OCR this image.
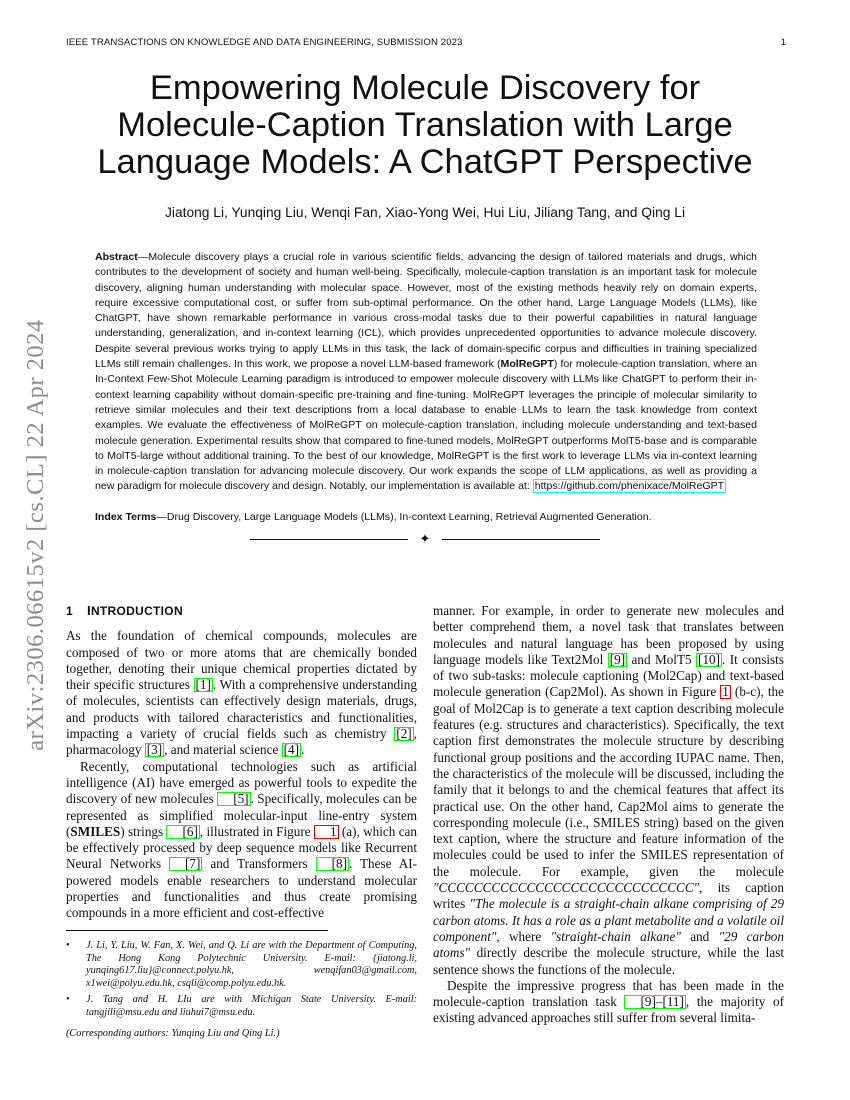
IEEE TRANSACTIONS ON KNOWLEDGE AND DATA ENGINEERING, SUBMISSION 2023	1
arXiv:2306.06615v2 [cs.CL] 22 Apr 2024
Empowering Molecule Discovery for
Molecule-Caption Translation with Large
Language Models: A ChatGPT Perspective
Jiatong Li, Yunqing Liu, Wenqi Fan, Xiao-Yong Wei, Hui Liu, Jiliang Tang, and Qing Li
Abstract—Molecule discovery plays a crucial role in various scientific fields, advancing the design of tailored materials and drugs, which contributes to the development of society and human well-being. Specifically, molecule-caption translation is an important task for molecule discovery, aligning human understanding with molecular space. However, most of the existing methods heavily rely on domain experts, require excessive computational cost, or suffer from sub-optimal performance. On the other hand, Large Language Models (LLMs), like ChatGPT, have shown remarkable performance in various cross-modal tasks due to their powerful capabilities in natural language understanding, generalization, and in-context learning (ICL), which provides unprecedented opportunities to advance molecule discovery. Despite several previous works trying to apply LLMs in this task, the lack of domain-specific corpus and difficulties in training specialized LLMs still remain challenges. In this work, we propose a novel LLM-based framework (MolReGPT) for molecule-caption translation, where an In-Context Few-Shot Molecule Learning paradigm is introduced to empower molecule discovery with LLMs like ChatGPT to perform their in-context learning capability without domain-specific pre-training and fine-tuning. MolReGPT leverages the principle of molecular similarity to retrieve similar molecules and their text descriptions from a local database to enable LLMs to learn the task knowledge from context examples. We evaluate the effectiveness of MolReGPT on molecule-caption translation, including molecule understanding and text-based molecule generation. Experimental results show that compared to fine-tuned models, MolReGPT outperforms MolT5-base and is comparable to MolT5-large without additional training. To the best of our knowledge, MolReGPT is the first work to leverage LLMs via in-context learning in molecule-caption translation for advancing molecule discovery. Our work expands the scope of LLM applications, as well as providing a new paradigm for molecule discovery and design. Notably, our implementation is available at: https://github.com/phenixace/MolReGPT
Index Terms—Drug Discovery, Large Language Models (LLMs), In-context Learning, Retrieval Augmented Generation.
✦
1 INTRODUCTION

As the foundation of chemical compounds, molecules are composed of two or more atoms that are chemically bonded together, denoting their unique chemical properties dictated by their specific structures [1] . With a comprehensive understanding of molecules, scientists can effectively design materials, drugs, and products with tailored characteristics and functionalities, impacting a variety of crucial fields such as chemistry [2] , pharmacology [3] , and material science [4] .

Recently, computational technologies such as artificial intelligence (AI) have emerged as powerful tools to expedite the discovery of new molecules [5] . Specifically, molecules can be represented as simplified molecular-input line-entry system (SMILES) strings [6] , illustrated in Figure 1 (a), which can be effectively processed by deep sequence models like Recurrent Neural Networks [7] and Transformers [8] . These AI-powered models enable researchers to understand molecular properties and functionalities and thus create promising compounds in a more efficient and cost-effective

• J. Li, Y. Liu, W. Fan, X. Wei, and Q. Li are with the Department of Computing, The Hong Kong Polytechnic University. E-mail: {jiatong.li, yunqing617.liu}@connect.polyu.hk, wenqifan03@gmail.com, x1wei@polyu.edu.hk, csqli@comp.polyu.edu.hk.
• J. Tang and H. LIu are with Michigan State University. E-mail: tangjili@msu.edu and liuhui7@msu.edu.
(Corresponding authors: Yunqing Liu and Qing Li.)

manner. For example, in order to generate new molecules and better comprehend them, a novel task that translates between molecules and natural language has been proposed by using language models like Text2Mol [9] and MolT5 [10] . It consists of two sub-tasks: molecule captioning (Mol2Cap) and text-based molecule generation (Cap2Mol). As shown in Figure 1 (b-c), the goal of Mol2Cap is to generate a text caption describing molecule features (e.g. structures and characteristics). Specifically, the text caption first demonstrates the molecule structure by describing functional group positions and the according IUPAC name. Then, the characteristics of the molecule will be discussed, including the family that it belongs to and the chemical features that affect its practical use. On the other hand, Cap2Mol aims to generate the corresponding molecule (i.e., SMILES string) based on the given text caption, where the structure and feature information of the molecules could be used to infer the SMILES representation of the molecule. For example, given the molecule "CCCCCCCCCCCCCCCCCCCCCCCCCCCCC", its caption writes "The molecule is a straight-chain alkane comprising of 29 carbon atoms. It has a role as a plant metabolite and a volatile oil component", where "straight-chain alkane" and "29 carbon atoms" directly describe the molecule structure, while the last sentence shows the functions of the molecule.

Despite the impressive progress that has been made in the molecule-caption translation task [9]–[11] , the majority of existing advanced approaches still suffer from several limita-
